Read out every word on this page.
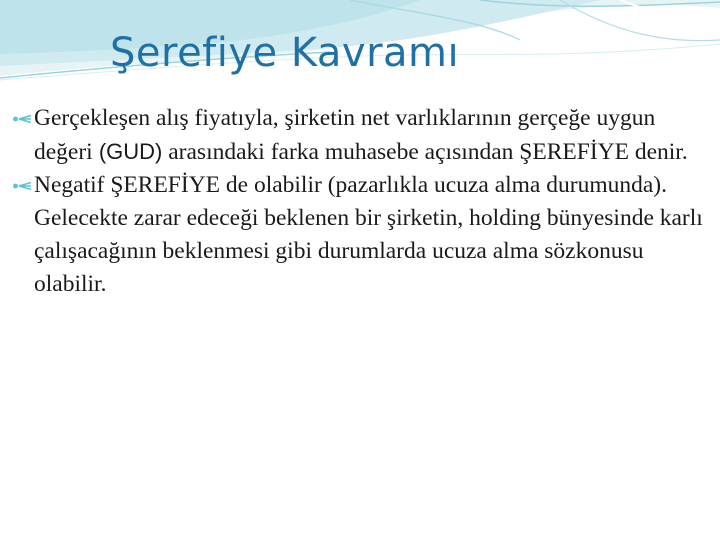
Şerefiye Kavramı

Gerçekleşen alış fiyatıyla, şirketin net varlıklarının gerçeğe uygun değeri (GUD) arasındaki farka muhasebe açısından ŞEREFİYE denir.

Negatif ŞEREFİYE de olabilir (pazarlıkla ucuza alma durumunda). Gelecekte zarar edeceği beklenen bir şirketin, holding bünyesinde karlı çalışacağının beklenmesi gibi durumlarda ucuza alma sözkonusu olabilir.
